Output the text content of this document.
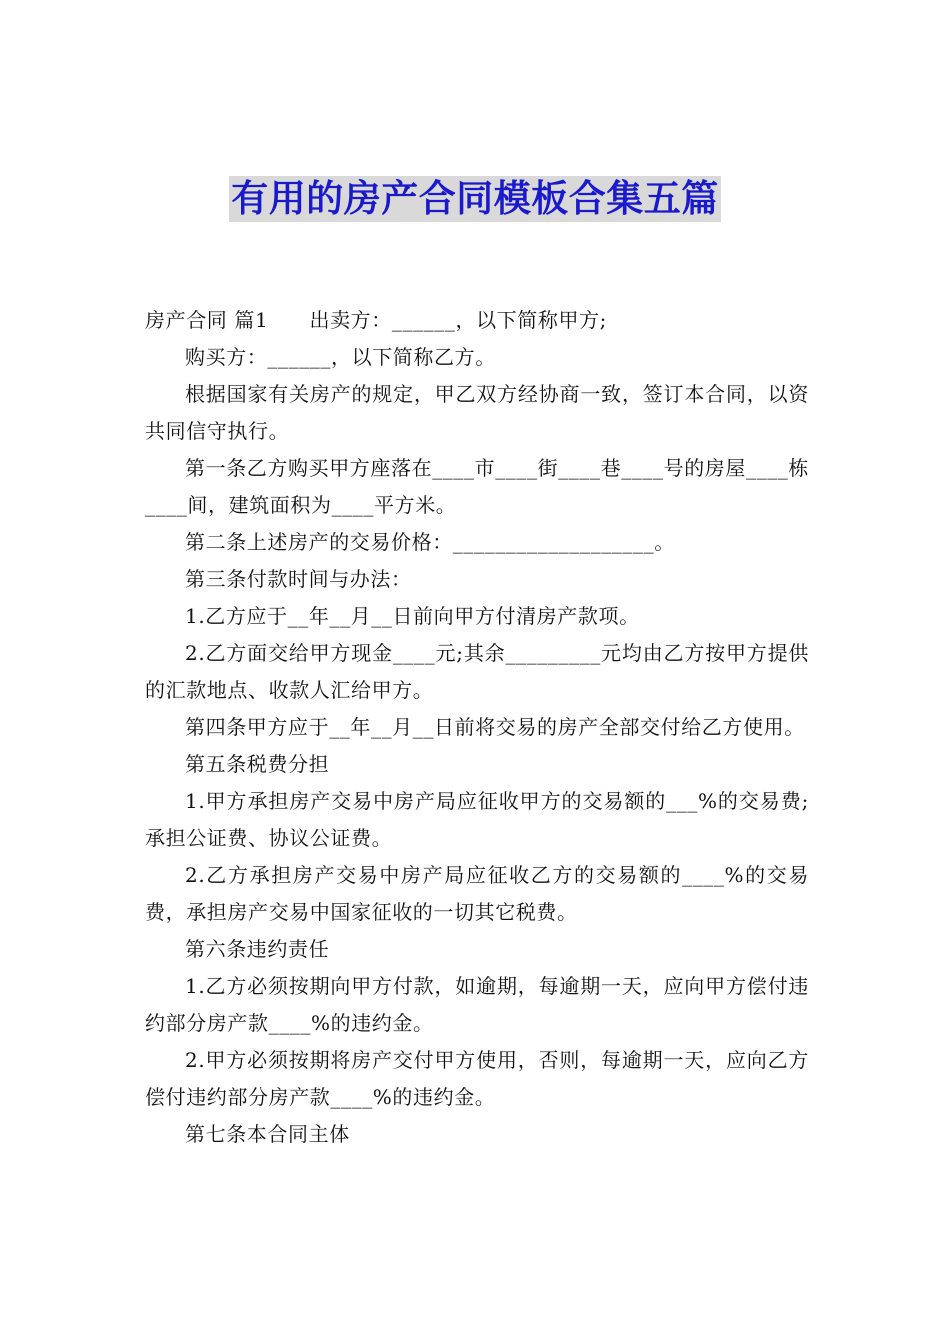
有用的房产合同模板合集五篇

房产合同 篇1　　出卖方：______，以下简称甲方;

购买方：______，以下简称乙方。

根据国家有关房产的规定，甲乙双方经协商一致，签订本合同，以资共同信守执行。

第一条乙方购买甲方座落在____市____街____巷____号的房屋____栋____间，建筑面积为____平方米。

第二条上述房产的交易价格：___________________。

第三条付款时间与办法：

1.乙方应于__年__月__日前向甲方付清房产款项。

2.乙方面交给甲方现金____元;其余_________元均由乙方按甲方提供的汇款地点、收款人汇给甲方。

第四条甲方应于__年__月__日前将交易的房产全部交付给乙方使用。

第五条税费分担

1.甲方承担房产交易中房产局应征收甲方的交易额的___%的交易费;承担公证费、协议公证费。

2.乙方承担房产交易中房产局应征收乙方的交易额的____%的交易费，承担房产交易中国家征收的一切其它税费。

第六条违约责任

1.乙方必须按期向甲方付款，如逾期，每逾期一天，应向甲方偿付违约部分房产款____%的违约金。

2.甲方必须按期将房产交付甲方使用，否则，每逾期一天，应向乙方偿付违约部分房产款____%的违约金。

第七条本合同主体
